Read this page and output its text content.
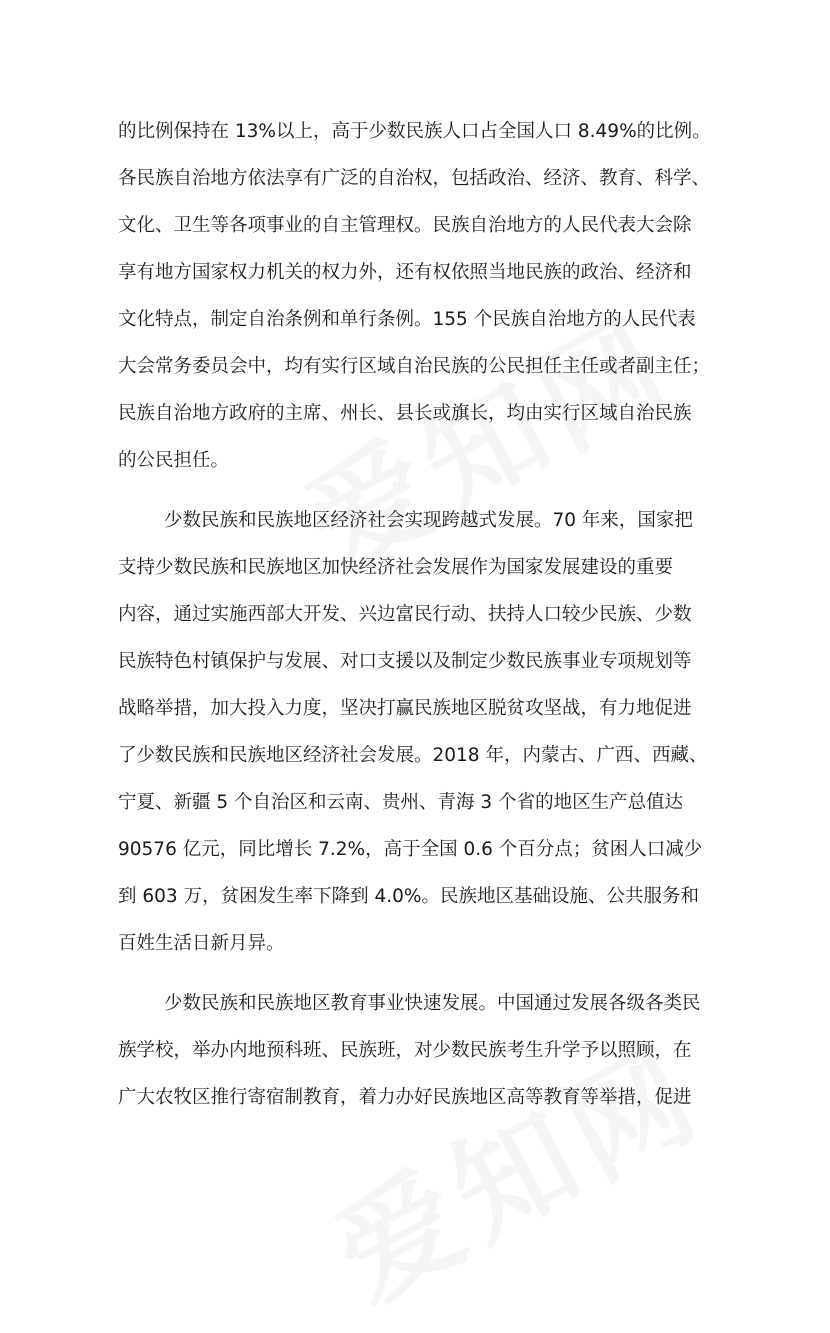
的比例保持在 13%以上，高于少数民族人口占全国人口 8.49%的比例。
各民族自治地方依法享有广泛的自治权，包括政治、经济、教育、科学、
文化、卫生等各项事业的自主管理权。民族自治地方的人民代表大会除
享有地方国家权力机关的权力外，还有权依照当地民族的政治、经济和
文化特点，制定自治条例和单行条例。155 个民族自治地方的人民代表
大会常务委员会中，均有实行区域自治民族的公民担任主任或者副主任；
民族自治地方政府的主席、州长、县长或旗长，均由实行区域自治民族
的公民担任。
少数民族和民族地区经济社会实现跨越式发展。70 年来，国家把
支持少数民族和民族地区加快经济社会发展作为国家发展建设的重要
内容，通过实施西部大开发、兴边富民行动、扶持人口较少民族、少数
民族特色村镇保护与发展、对口支援以及制定少数民族事业专项规划等
战略举措，加大投入力度，坚决打赢民族地区脱贫攻坚战，有力地促进
了少数民族和民族地区经济社会发展。2018 年，内蒙古、广西、西藏、
宁夏、新疆 5 个自治区和云南、贵州、青海 3 个省的地区生产总值达
90576 亿元，同比增长 7.2%，高于全国 0.6 个百分点；贫困人口减少
到 603 万，贫困发生率下降到 4.0%。民族地区基础设施、公共服务和
百姓生活日新月异。
少数民族和民族地区教育事业快速发展。中国通过发展各级各类民
族学校，举办内地预科班、民族班，对少数民族考生升学予以照顾，在
广大农牧区推行寄宿制教育，着力办好民族地区高等教育等举措，促进
